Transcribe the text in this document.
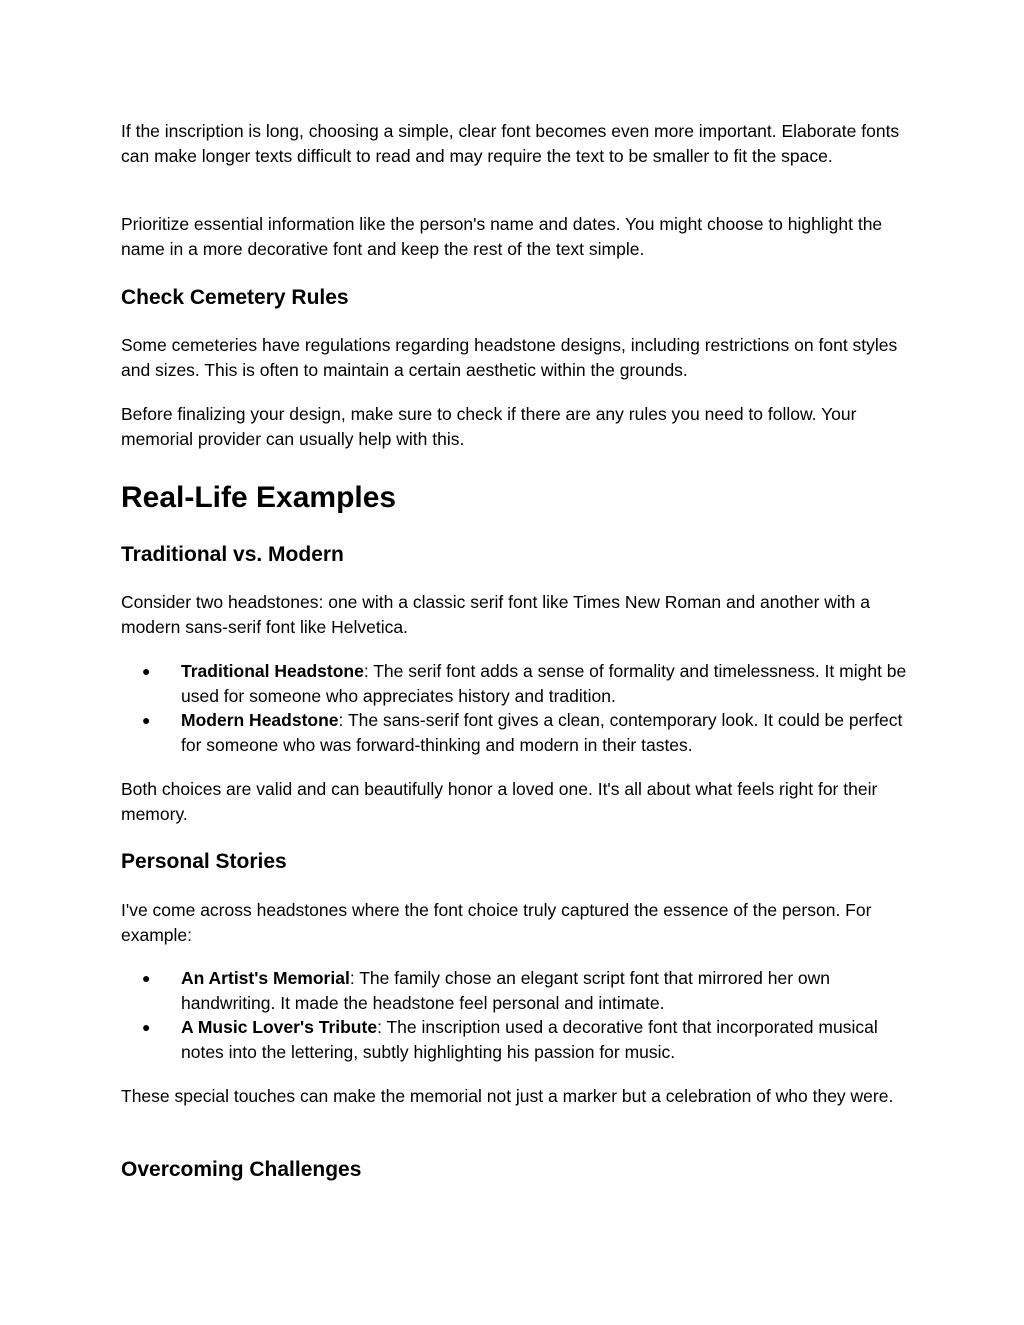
If the inscription is long, choosing a simple, clear font becomes even more important. Elaborate fonts can make longer texts difficult to read and may require the text to be smaller to fit the space.

Prioritize essential information like the person's name and dates. You might choose to highlight the name in a more decorative font and keep the rest of the text simple.

Check Cemetery Rules

Some cemeteries have regulations regarding headstone designs, including restrictions on font styles and sizes. This is often to maintain a certain aesthetic within the grounds.

Before finalizing your design, make sure to check if there are any rules you need to follow. Your memorial provider can usually help with this.

Real-Life Examples
Traditional vs. Modern

Consider two headstones: one with a classic serif font like Times New Roman and another with a modern sans-serif font like Helvetica.

● Traditional Headstone: The serif font adds a sense of formality and timelessness. It might be used for someone who appreciates history and tradition.
● Modern Headstone: The sans-serif font gives a clean, contemporary look. It could be perfect for someone who was forward-thinking and modern in their tastes.

Both choices are valid and can beautifully honor a loved one. It's all about what feels right for their memory.

Personal Stories

I've come across headstones where the font choice truly captured the essence of the person. For example:

● An Artist's Memorial: The family chose an elegant script font that mirrored her own handwriting. It made the headstone feel personal and intimate.
● A Music Lover's Tribute: The inscription used a decorative font that incorporated musical notes into the lettering, subtly highlighting his passion for music.

These special touches can make the memorial not just a marker but a celebration of who they were.

Overcoming Challenges
